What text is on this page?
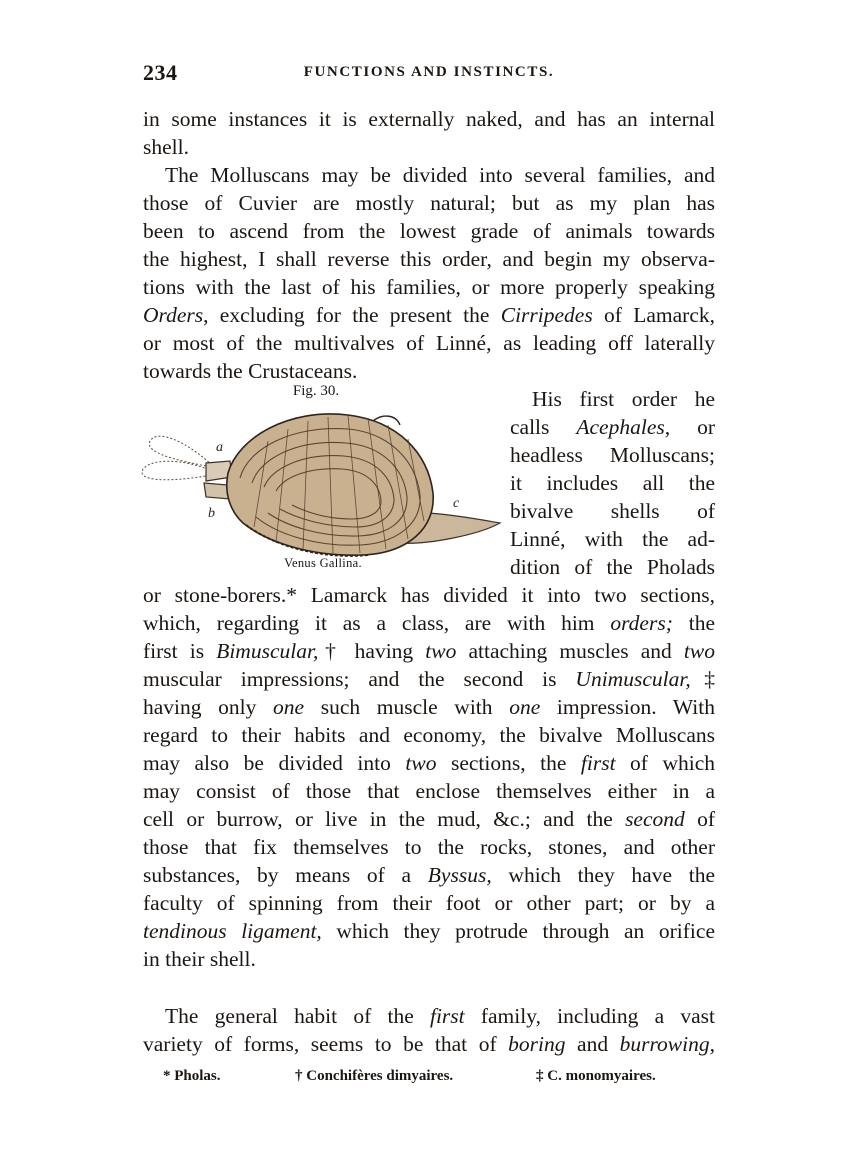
234	FUNCTIONS AND INSTINCTS.
in some instances it is externally naked, and has an internal
shell.
The Molluscans may be divided into several families, and
those of Cuvier are mostly natural; but as my plan has
been to ascend from the lowest grade of animals towards
the highest, I shall reverse this order, and begin my observa-
tions with the last of his families, or more properly speaking
Orders, excluding for the present the Cirripedes of Lamarck,
or most of the multivalves of Linné, as leading off laterally
towards the Crustaceans.
Fig. 30.
a
b
c
Venus Gallina.
His first order he
calls Acephales, or
headless Molluscans;
it includes all the
bivalve shells of
Linné, with the ad-
dition of the Pholads
or stone-borers.* Lamarck has divided it into two sections,
which, regarding it as a class, are with him orders; the
first is Bimuscular,† having two attaching muscles and two
muscular impressions; and the second is Unimuscular,‡
having only one such muscle with one impression. With
regard to their habits and economy, the bivalve Molluscans
may also be divided into two sections, the first of which
may consist of those that enclose themselves either in a
cell or burrow, or live in the mud, &c.; and the second of
those that fix themselves to the rocks, stones, and other
substances, by means of a Byssus, which they have the
faculty of spinning from their foot or other part; or by a
tendinous ligament, which they protrude through an orifice
in their shell.
The general habit of the first family, including a vast
variety of forms, seems to be that of boring and burrowing,
* Pholas.	† Conchifères dimyaires.	‡ C. monomyaires.
